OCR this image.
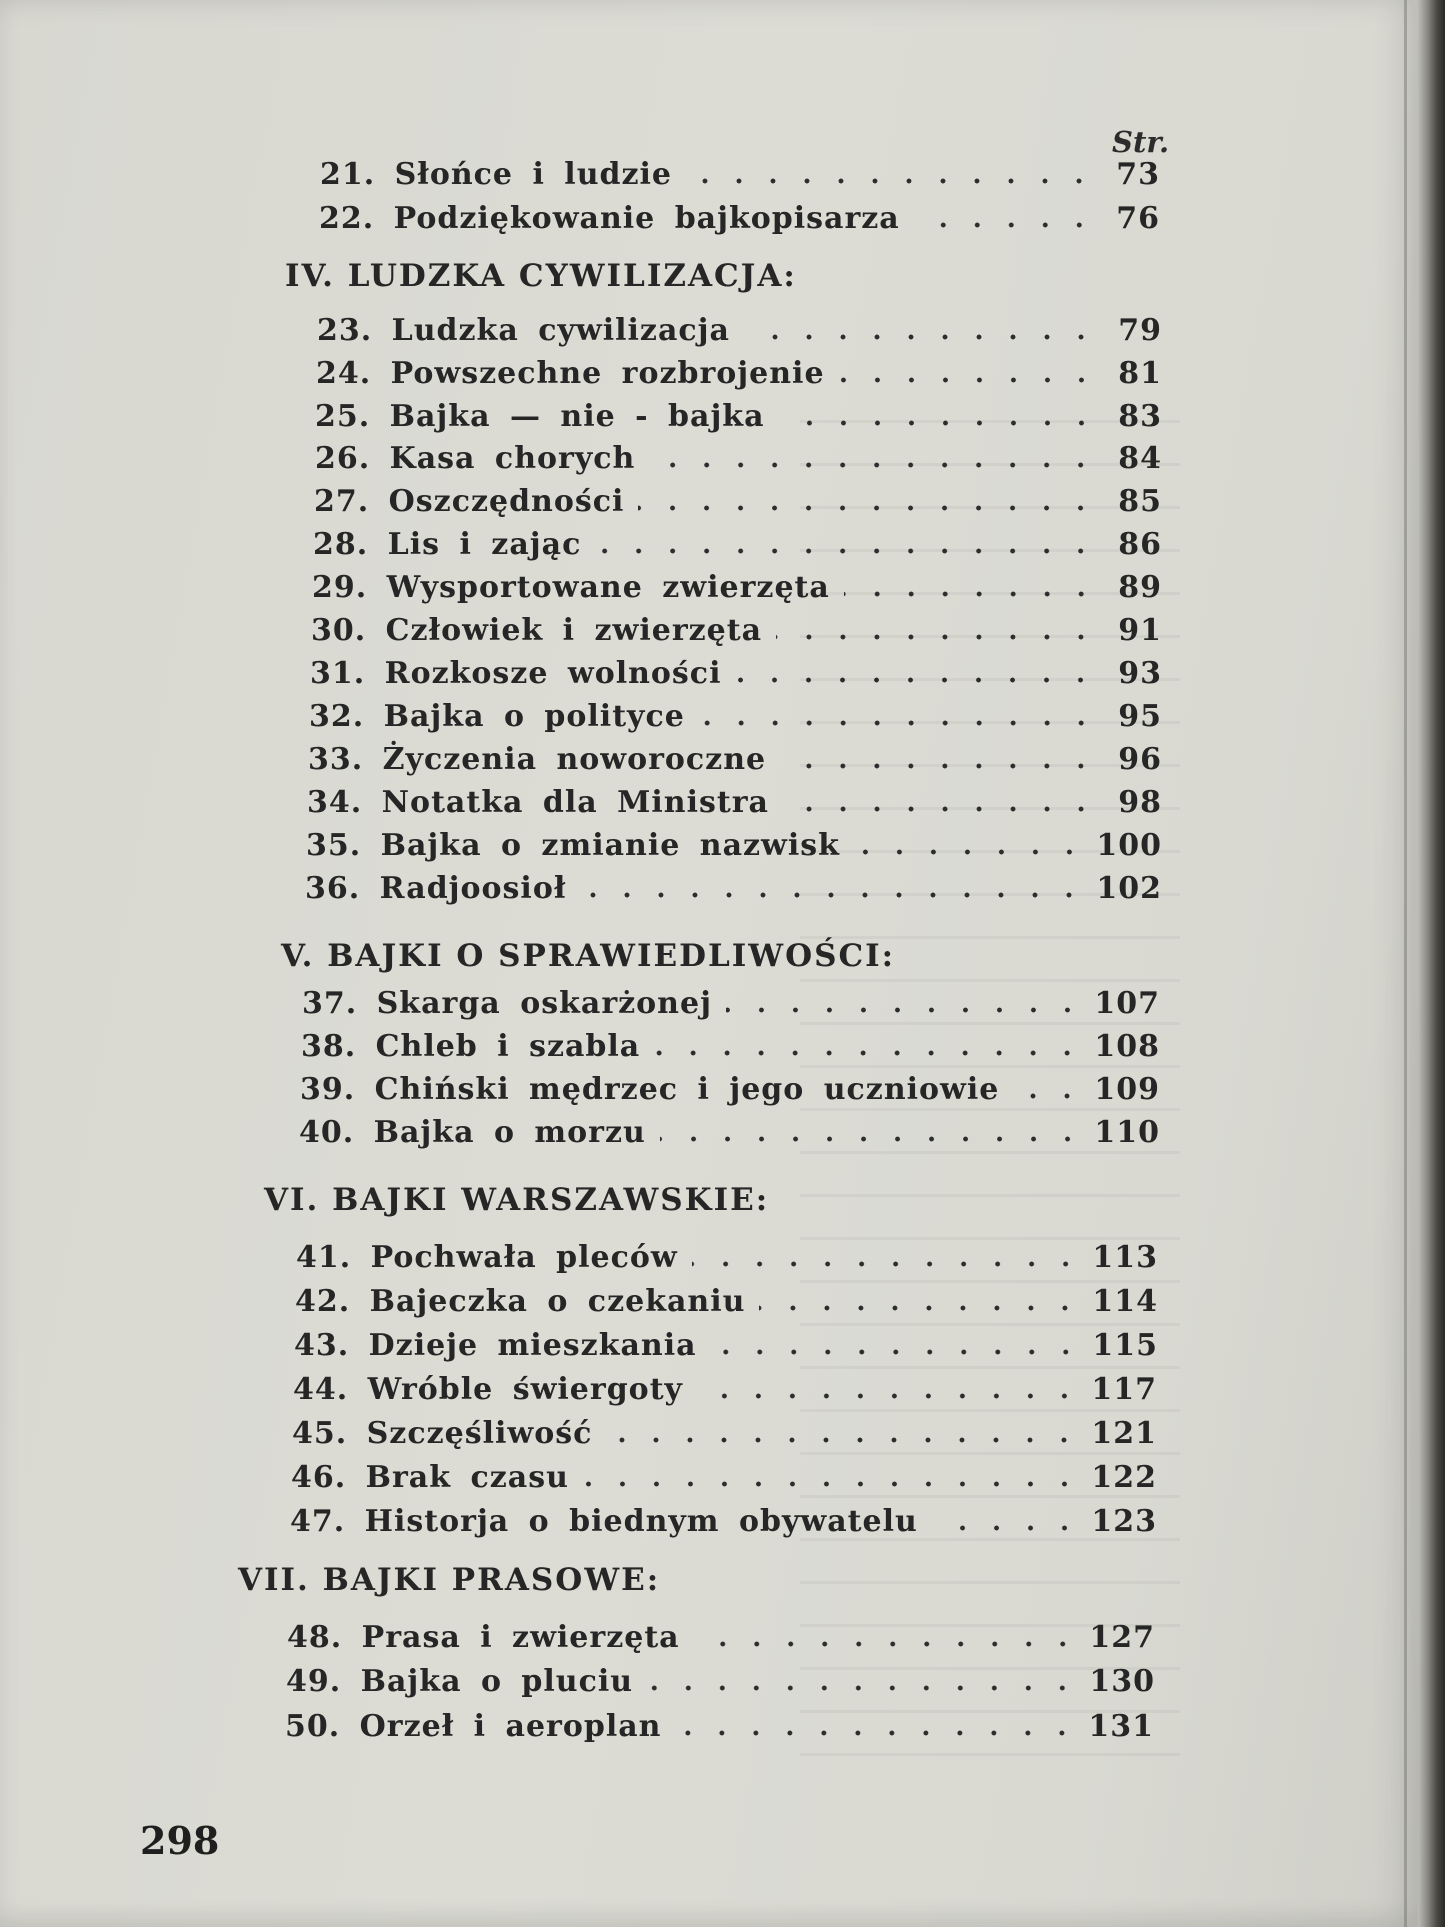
Str.
21. Słońce i ludzie	73
22. Podziękowanie bajkopisarza	76
IV. LUDZKA CYWILIZACJA:
23. Ludzka cywilizacja	79
24. Powszechne rozbrojenie	81
25. Bajka — nie - bajka	83
26. Kasa chorych	84
27. Oszczędności	85
28. Lis i zając	86
29. Wysportowane zwierzęta	89
30. Człowiek i zwierzęta	91
31. Rozkosze wolności	93
32. Bajka o polityce	95
33. Życzenia noworoczne	96
34. Notatka dla Ministra	98
35. Bajka o zmianie nazwisk	100
36. Radjoosioł	102
V. BAJKI O SPRAWIEDLIWOŚCI:
37. Skarga oskarżonej	107
38. Chleb i szabla	108
39. Chiński mędrzec i jego uczniowie	109
40. Bajka o morzu	110
VI. BAJKI WARSZAWSKIE:
41. Pochwała pleców	113
42. Bajeczka o czekaniu	114
43. Dzieje mieszkania	115
44. Wróble świergoty	117
45. Szczęśliwość	121
46. Brak czasu	122
47. Historja o biednym obywatelu	123
VII. BAJKI PRASOWE:
48. Prasa i zwierzęta	127
49. Bajka o pluciu	130
50. Orzeł i aeroplan	131
298
